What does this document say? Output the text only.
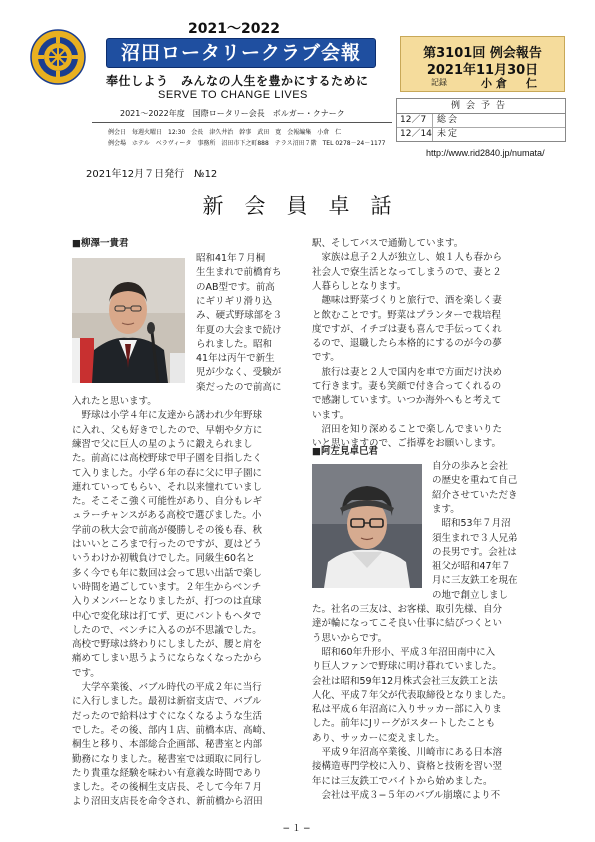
2021～2022
沼田ロータリークラブ会報	第3101回 例会報告
2021年11月30日
記録	小倉　仁
奉仕しよう　みんなの人生を豊かにするために
SERVE TO CHANGE LIVES
2021～2022年度　国際ロータリー会長　ボルガー・クナーク
例会日　毎週火曜日　12:30　会長　津久井治　幹事　武田　寛　会報編集　小倉　仁
例会場　ホテル　ベラヴィータ　事務所　沼田市下之町888　テラス沼田７階　TEL 0278－24－1177
例会予告
12／7	総会
12／14 未定
http://www.rid2840.jp/numata/
2021年12月７日発行　№12
新会員卓話
■柳澤一貴君
昭和41年７月桐
生生まれで前橋育ち
のAB型です。前高
にギリギリ滑り込
み、硬式野球部を３
年夏の大会まで続け
られました。昭和
41年は丙午で新生
児が少なく、受験が
楽だったので前高に
入れたと思います。
　野球は小学４年に友達から誘われ少年野球
に入れ、父も好きでしたので、早朝や夕方に
練習で父に巨人の星のように鍛えられまし
た。前高には高校野球で甲子園を目指したく
て入りました。小学６年の春に父に甲子園に
連れていってもらい、それ以来憧れていまし
た。そこそこ強く可能性があり、自分もレギ
ュラーチャンスがある高校で選びました。小
学前の秋大会で前高が優勝しその後も春、秋
はいいところまで行ったのですが、夏はどう
いうわけか初戦負けでした。同級生60名と
多く今でも年に数回は会って思い出話で楽し
い時間を過ごしています。２年生からベンチ
入りメンバーとなりましたが、打つのは直球
中心で変化球は打てず、更にバントもヘタで
したので、ベンチに入るのが不思議でした。
高校で野球は終わりにしましたが、腰と肩を
痛めてしまい思うようにならなくなったから
です。
　大学卒業後、バブル時代の平成２年に当行
に入行しました。最初は新宿支店で、バブル
だったので給料はすぐになくなるような生活
でした。その後、部内１店、前橋本店、高崎、
桐生と移り、本部総合企画部、秘書室と内部
勤務になりました。秘書室では頭取に同行し
たり貴重な経験を味わい有意義な時間であり
ました。その後桐生支店長、そして今年７月
より沼田支店長を命令され、新前橋から沼田
駅、そしてバスで通勤しています。
　家族は息子２人が独立し、娘１人も春から
社会人で寮生活となってしまうので、妻と２
人暮らしとなります。
　趣味は野菜づくりと旅行で、酒を楽しく妻
と飲むことです。野菜はプランターで栽培程
度ですが、イチゴは妻も喜んで手伝ってくれ
るので、退職したら本格的にするのが今の夢
です。
　旅行は妻と２人で国内を車で方面だけ決め
て行きます。妻も笑顔で付き合ってくれるの
で感謝しています。いつか海外へもと考えて
います。
　沼田を知り深めることで楽しんでまいりた
いと思いますので、ご指導をお願いします。
■阿左見卓巳君
自分の歩みと会社
の歴史を重ねて自己
紹介させていただき
ます。
　昭和53年７月沼
須生まれで３人兄弟
の長男です。会社は
祖父が昭和47年７
月に三友鉄工を現在
の地で創立しまし
た。社名の三友は、お客様、取引先様、自分
達が輪になってこそ良い仕事に結びつくとい
う思いからです。
　昭和60年升形小、平成３年沼田南中に入
り巨人ファンで野球に明け暮れていました。
会社は昭和59年12月株式会社三友鉄工と法
人化、平成７年父が代表取締役となりました。
私は平成６年沼高に入りサッカー部に入りま
した。前年にJリーグがスタートしたことも
あり、サッカーに変えました。
　平成９年沼高卒業後、川崎市にある日本溶
接構造専門学校に入り、資格と技術を習い翌
年には三友鉄工でバイトから始めました。
　会社は平成３−５年のバブル崩壊により不
−１−
